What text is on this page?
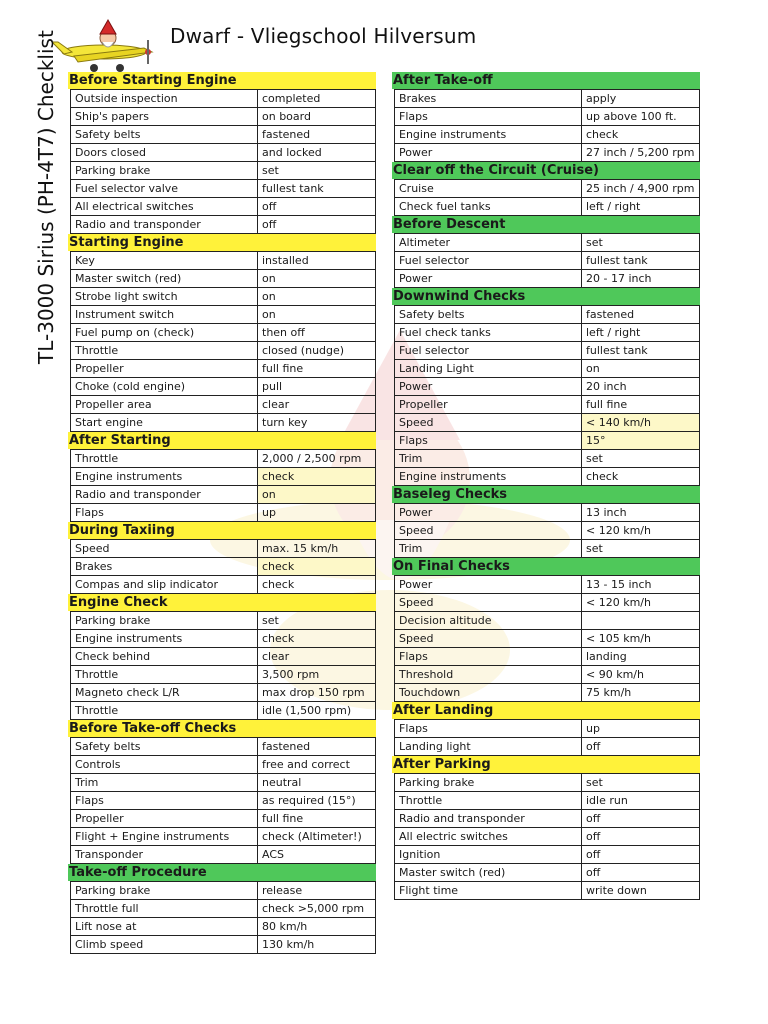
Dwarf - Vliegschool Hilversum
TL-3000 Sirius (PH-4T7) Checklist Before Starting Engine
Outside inspection	completed
Ship's papers	on board
Safety belts	fastened
Doors closed	and locked
Parking brake	set
Fuel selector valve	fullest tank
All electrical switches	off
Radio and transponder	off
Starting Engine
Key	installed
Master switch (red)	on
Strobe light switch	on
Instrument switch	on
Fuel pump on (check)	then off
Throttle	closed (nudge)
Propeller	full fine
Choke (cold engine)	pull
Propeller area	clear
Start engine	turn key
After Starting
Throttle	2,000 / 2,500 rpm
Engine instruments	check
Radio and transponder	on
Flaps	up
During Taxiing
Speed	max. 15 km/h
Brakes	check
Compas and slip indicator	check
Engine Check
Parking brake	set
Engine instruments	check
Check behind	clear
Throttle	3,500 rpm
Magneto check L/R	max drop 150 rpm
Throttle	idle (1,500 rpm)
Before Take-off Checks
Safety belts	fastened
Controls	free and correct
Trim	neutral
Flaps	as required (15°)
Propeller	full fine
Flight + Engine instruments	check (Altimeter!)
Transponder	ACS
Take-off Procedure
Parking brake	release
Throttle full	check >5,000 rpm
Lift nose at	80 km/h
Climb speed	130 km/h
After Take-off
Brakes	apply
Flaps	up above 100 ft.
Engine instruments	check
Power	27 inch / 5,200 rpm
Clear off the Circuit (Cruise)
Cruise	25 inch / 4,900 rpm
Check fuel tanks	left / right
Before Descent
Altimeter	set
Fuel selector	fullest tank
Power	20 - 17 inch
Downwind Checks
Safety belts	fastened
Fuel check tanks	left / right
Fuel selector	fullest tank
Landing Light	on
Power	20 inch
Propeller	full fine
Speed	< 140 km/h
Flaps	15°
Trim	set
Engine instruments	check
Baseleg Checks
Power	13 inch
Speed	< 120 km/h
Trim	set
On Final Checks
Power	13 - 15 inch
Speed	< 120 km/h
Decision altitude	
Speed	< 105 km/h
Flaps	landing
Threshold	< 90 km/h
Touchdown	75 km/h
After Landing
Flaps	up
Landing light	off
After Parking
Parking brake	set
Throttle	idle run
Radio and transponder	off
All electric switches	off
Ignition	off
Master switch (red)	off
Flight time	write down
